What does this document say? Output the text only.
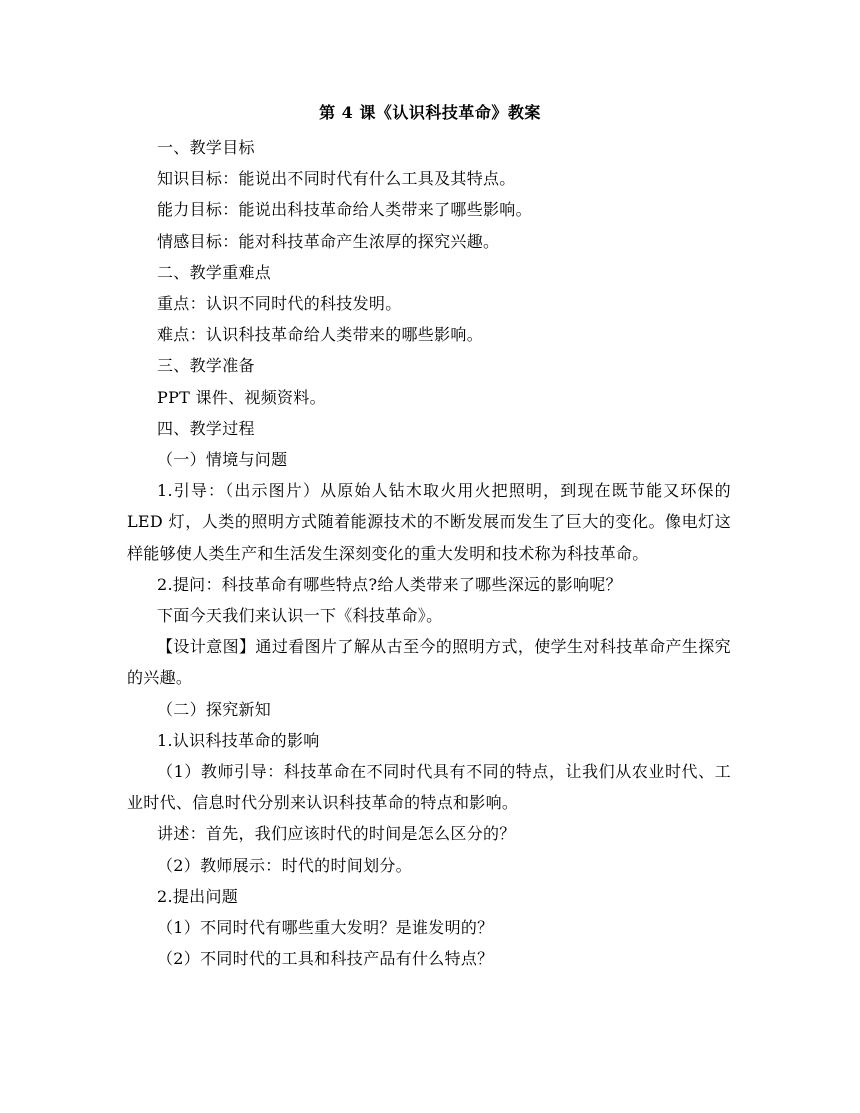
第 4 课《认识科技革命》教案

一、教学目标

知识目标：能说出不同时代有什么工具及其特点。

能力目标：能说出科技革命给人类带来了哪些影响。

情感目标：能对科技革命产生浓厚的探究兴趣。

二、教学重难点

重点：认识不同时代的科技发明。

难点：认识科技革命给人类带来的哪些影响。

三、教学准备

PPT 课件、视频资料。

四、教学过程

（一）情境与问题

1.引导：（出示图片）从原始人钻木取火用火把照明，到现在既节能又环保的 LED 灯，人类的照明方式随着能源技术的不断发展而发生了巨大的变化。像电灯这样能够使人类生产和生活发生深刻变化的重大发明和技术称为科技革命。

2.提问：科技革命有哪些特点?给人类带来了哪些深远的影响呢？

下面今天我们来认识一下《科技革命》。

【设计意图】通过看图片了解从古至今的照明方式，使学生对科技革命产生探究的兴趣。

（二）探究新知

1.认识科技革命的影响

（1）教师引导：科技革命在不同时代具有不同的特点，让我们从农业时代、工业时代、信息时代分别来认识科技革命的特点和影响。

讲述：首先，我们应该时代的时间是怎么区分的？

（2）教师展示：时代的时间划分。

2.提出问题

（1）不同时代有哪些重大发明？是谁发明的？

（2）不同时代的工具和科技产品有什么特点？
